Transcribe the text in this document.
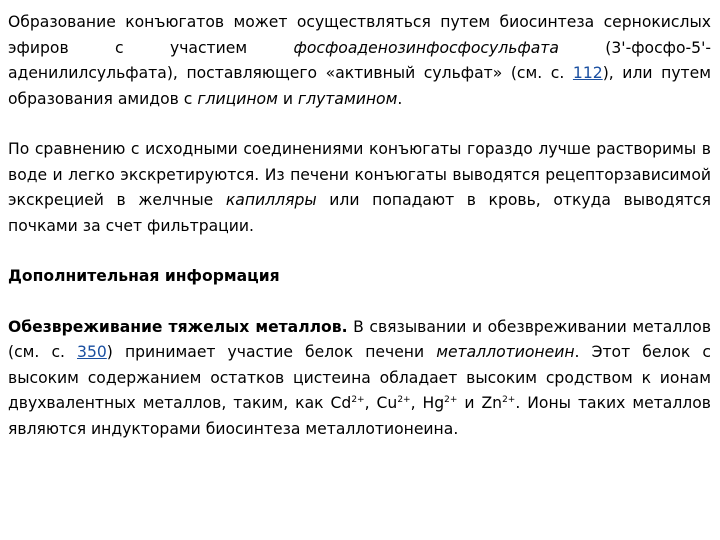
Образование конъюгатов может осуществляться путем биосинтеза сернокислых эфиров с участием фосфоаденозинфосфосульфата (3'-фосфо-5'-аденилилсульфата), поставляющего «активный сульфат» (см. с. 112), или путем образования амидов с глицином и глутамином.

По сравнению с исходными соединениями конъюгаты гораздо лучше растворимы в воде и легко экскретируются. Из печени конъюгаты выводятся рецепторзависимой экскрецией в желчные капилляры или попадают в кровь, откуда выводятся почками за счет фильтрации.

Дополнительная информация

Обезвреживание тяжелых металлов. В связывании и обезвреживании металлов (см. с. 350) принимает участие белок печени металлотионеин. Этот белок с высоким содержанием остатков цистеина обладает высоким сродством к ионам двухвалентных металлов, таким, как $Cd^{2+}$, $Cu^{2+}$, $Hg^{2+}$ и $Zn^{2+}$. Ионы таких металлов являются индукторами биосинтеза металлотионеина.
